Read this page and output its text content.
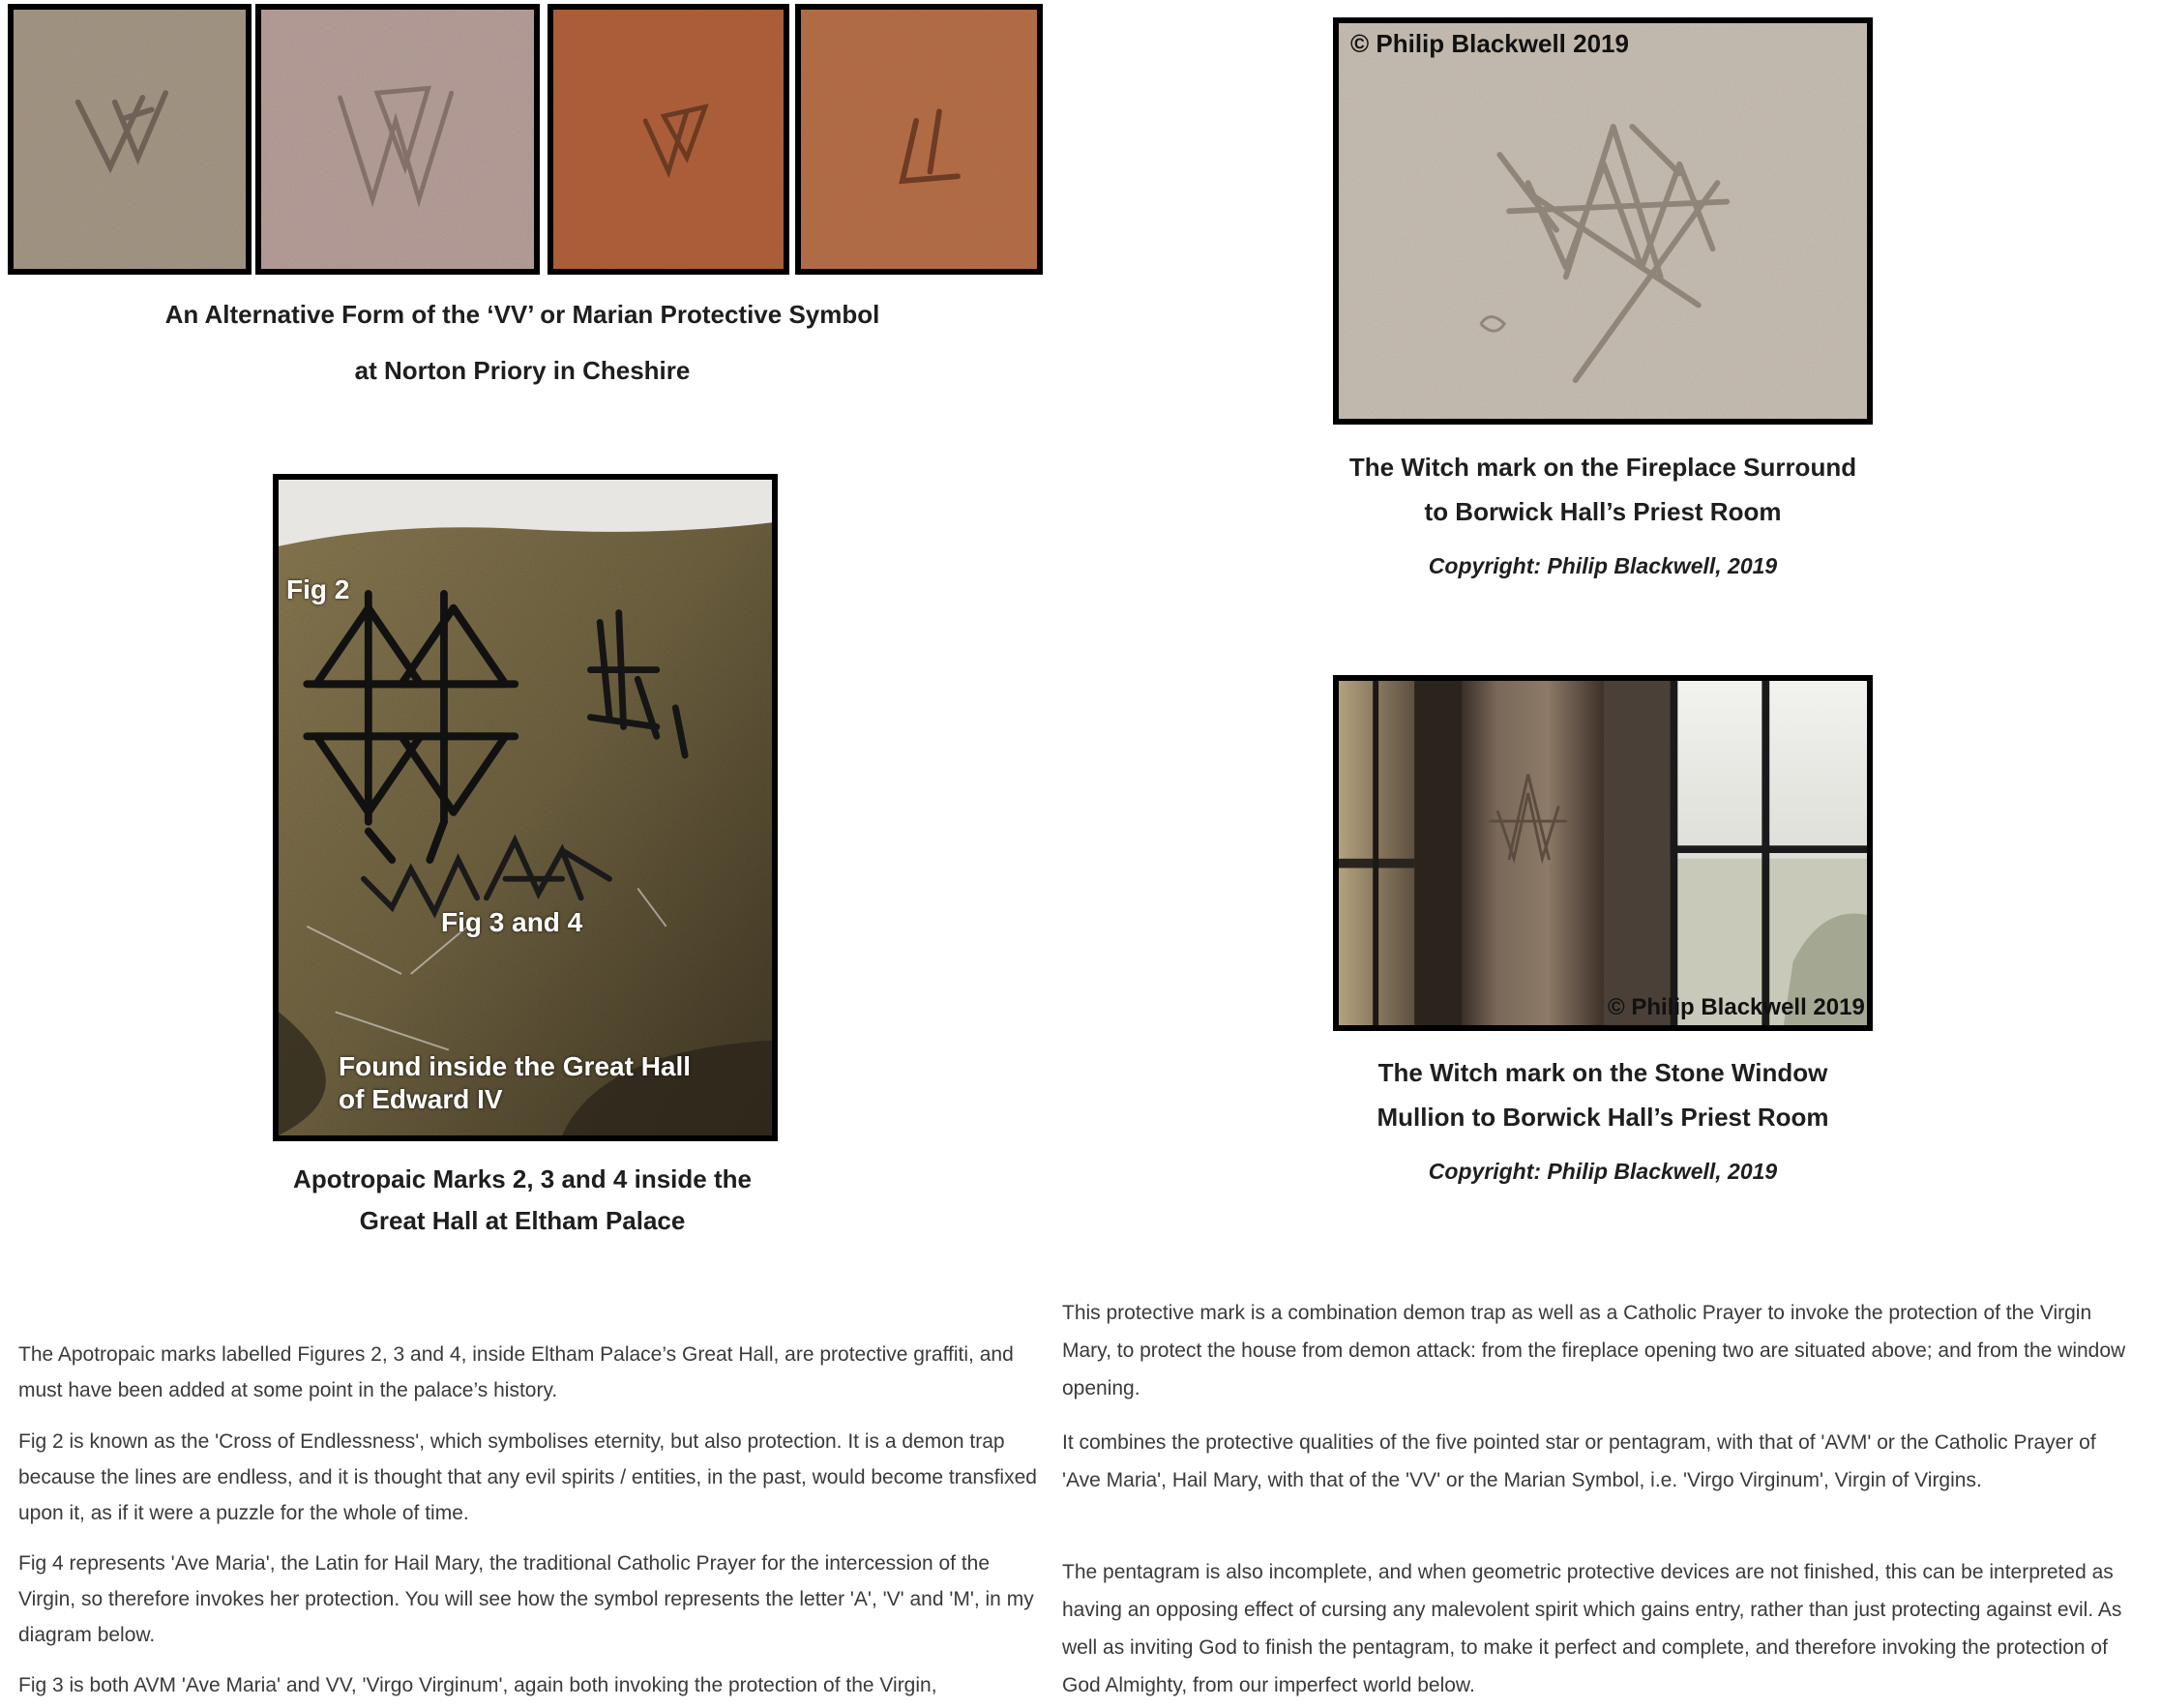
An Alternative Form of the ‘VV’ or Marian Protective Symbol
at Norton Priory in Cheshire
Fig 2
Fig 3 and 4
Found inside the Great Hall
of Edward IV
Apotropaic Marks 2, 3 and 4 inside the
Great Hall at Eltham Palace
© Philip Blackwell 2019
The Witch mark on the Fireplace Surround
to Borwick Hall’s Priest Room
Copyright: Philip Blackwell, 2019
© Philip Blackwell 2019
The Witch mark on the Stone Window
Mullion to Borwick Hall’s Priest Room
Copyright: Philip Blackwell, 2019

The Apotropaic marks labelled Figures 2, 3 and 4, inside Eltham Palace’s Great Hall, are protective graffiti, and must have been added at some point in the palace’s history.

Fig 2 is known as the 'Cross of Endlessness', which symbolises eternity, but also protection. It is a demon trap because the lines are endless, and it is thought that any evil spirits / entities, in the past, would become transfixed upon it, as if it were a puzzle for the whole of time.

Fig 4 represents 'Ave Maria', the Latin for Hail Mary, the traditional Catholic Prayer for the intercession of the Virgin, so therefore invokes her protection. You will see how the symbol represents the letter 'A', 'V' and 'M', in my diagram below.

Fig 3 is both AVM 'Ave Maria' and VV, 'Virgo Virginum', again both invoking the protection of the Virgin,

This protective mark is a combination demon trap as well as a Catholic Prayer to invoke the protection of the Virgin Mary, to protect the house from demon attack: from the fireplace opening two are situated above; and from the window opening.

It combines the protective qualities of the five pointed star or pentagram, with that of 'AVM' or the Catholic Prayer of 'Ave Maria', Hail Mary, with that of the 'VV' or the Marian Symbol, i.e. 'Virgo Virginum', Virgin of Virgins.

The pentagram is also incomplete, and when geometric protective devices are not finished, this can be interpreted as having an opposing effect of cursing any malevolent spirit which gains entry, rather than just protecting against evil. As well as inviting God to finish the pentagram, to make it perfect and complete, and therefore invoking the protection of God Almighty, from our imperfect world below.
